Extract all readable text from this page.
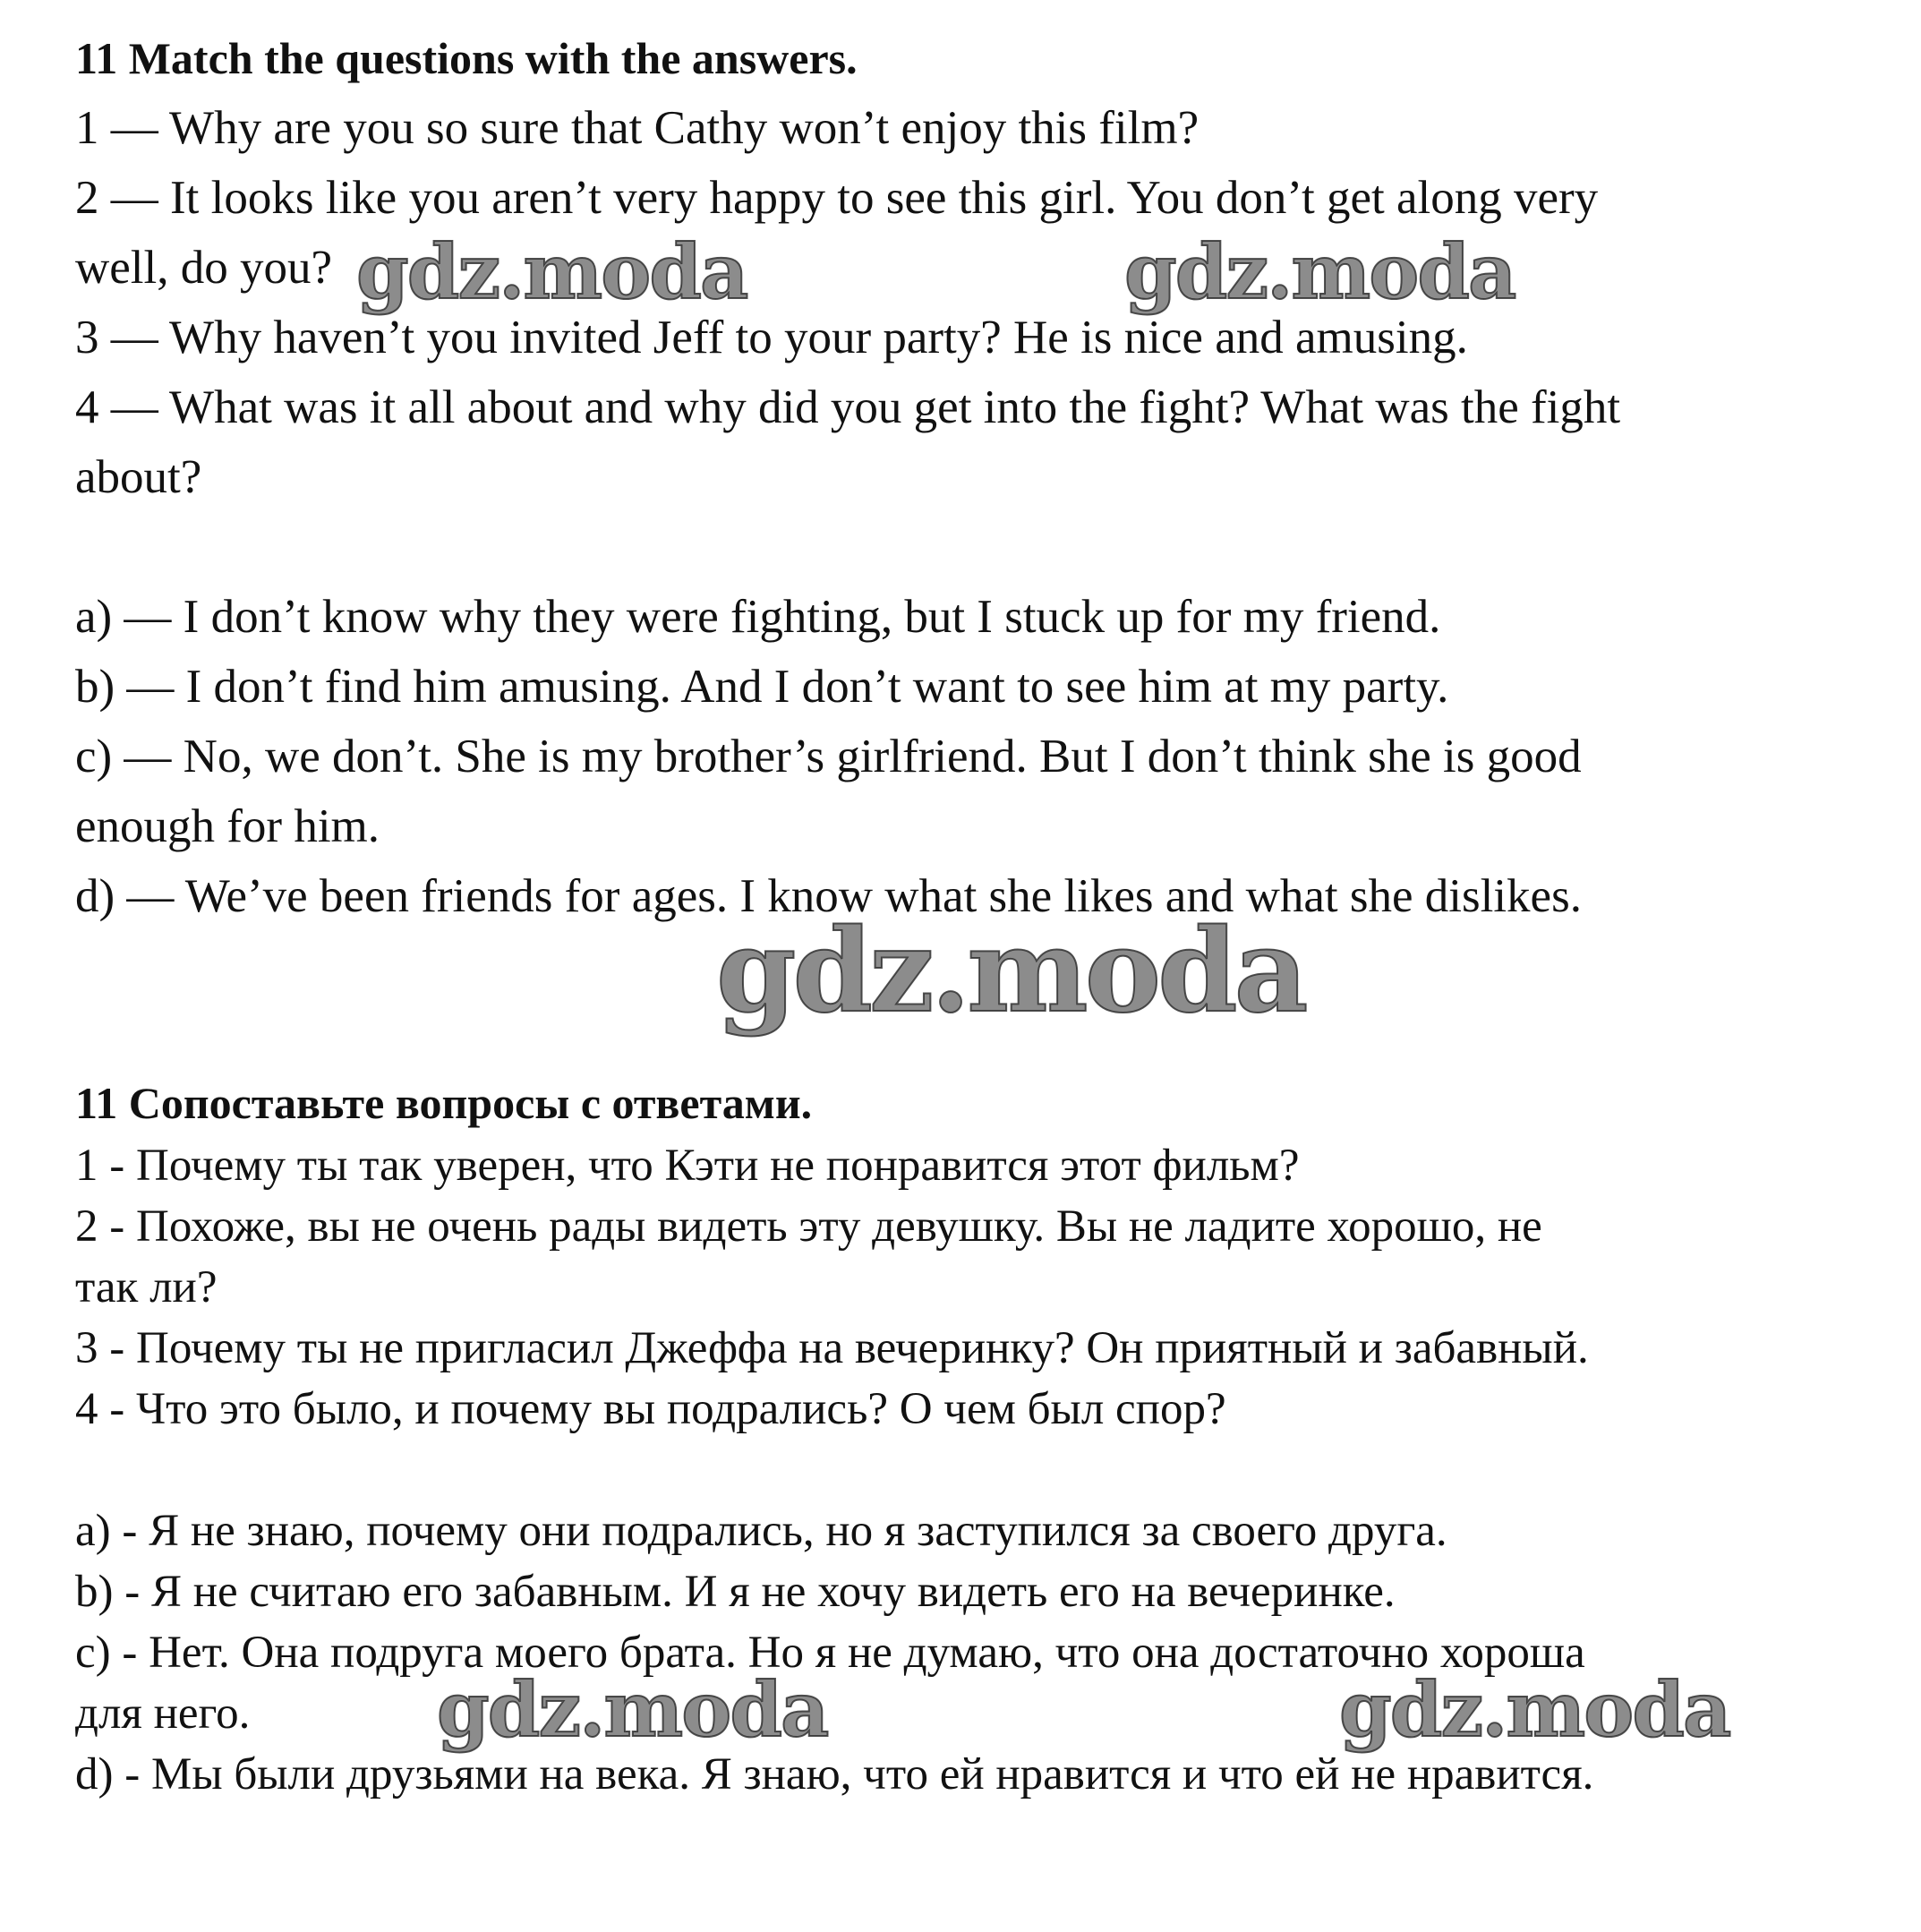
11 Match the questions with the answers.
1 — Why are you so sure that Cathy won’t enjoy this film?
2 — It looks like you aren’t very happy to see this girl. You don’t get along very
well, do you?
3 — Why haven’t you invited Jeff to your party? He is nice and amusing.
4 — What was it all about and why did you get into the fight? What was the fight
about?
a) — I don’t know why they were fighting, but I stuck up for my friend.
b) — I don’t find him amusing. And I don’t want to see him at my party.
c) — No, we don’t. She is my brother’s girlfriend. But I don’t think she is good
enough for him.
d) — We’ve been friends for ages. I know what she likes and what she dislikes.
11 Сопоставьте вопросы с ответами.
1 - Почему ты так уверен, что Кэти не понравится этот фильм?
2 - Похоже, вы не очень рады видеть эту девушку. Вы не ладите хорошо, не
так ли?
3 - Почему ты не пригласил Джеффа на вечеринку? Он приятный и забавный.
4 - Что это было, и почему вы подрались? О чем был спор?
a) - Я не знаю, почему они подрались, но я заступился за своего друга.
b) - Я не считаю его забавным. И я не хочу видеть его на вечеринке.
c) - Нет. Она подруга моего брата. Но я не думаю, что она достаточно хороша
для него.
d) - Мы были друзьями на века. Я знаю, что ей нравится и что ей не нравится.
gdz.moda	gdz.moda
gdz.moda
gdz.moda	gdz.moda
